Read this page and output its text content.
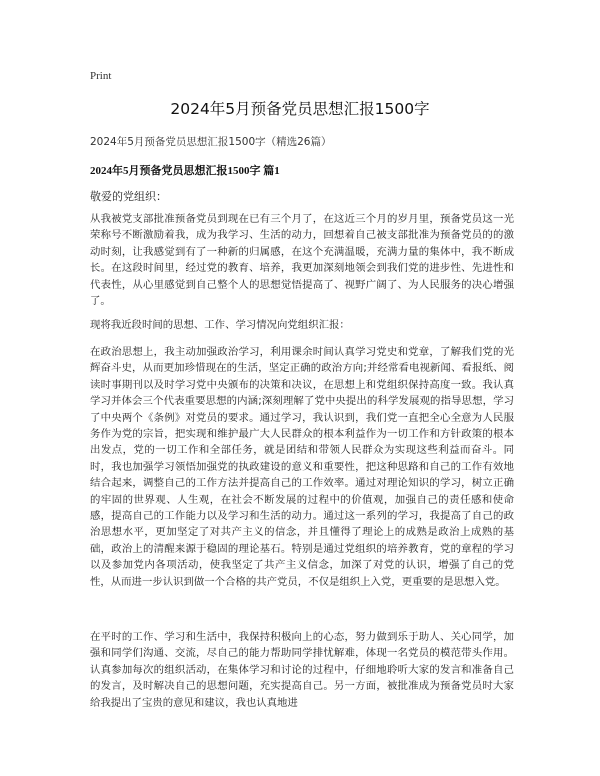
Print
2024年5月预备党员思想汇报1500字
2024年5月预备党员思想汇报1500字（精选26篇）
2024年5月预备党员思想汇报1500字 篇1
敬爱的党组织：

从我被党支部批准预备党员到现在已有三个月了，在这近三个月的岁月里，预备党员这一光荣称号不断激励着我，成为我学习、生活的动力，回想着自己被支部批准为预备党员的的激动时刻，让我感觉到有了一种新的归属感，在这个充满温暖，充满力量的集体中，我不断成长。在这段时间里，经过党的教育、培养，我更加深刻地领会到我们党的进步性、先进性和代表性，从心里感觉到自己整个人的思想觉悟提高了、视野广阔了、为人民服务的决心增强了。

现将我近段时间的思想、工作、学习情况向党组织汇报：

在政治思想上，我主动加强政治学习，利用课余时间认真学习党史和党章，了解我们党的光辉奋斗史，从而更加珍惜现在的生活，坚定正确的政治方向;并经常看电视新闻、看报纸、阅读时事期刊以及时学习党中央颁布的决策和决议，在思想上和党组织保持高度一致。我认真学习并体会三个代表重要思想的内涵;深刻理解了党中央提出的科学发展观的指导思想，学习了中央两个《条例》对党员的要求。通过学习，我认识到，我们党一直把全心全意为人民服务作为党的宗旨，把实现和维护最广大人民群众的根本利益作为一切工作和方针政策的根本出发点，党的一切工作和全部任务，就是团结和带领人民群众为实现这些利益而奋斗。同时，我也加强学习领悟加强党的执政建设的意义和重要性，把这种思路和自己的工作有效地结合起来，调整自己的工作方法并提高自己的工作效率。通过对理论知识的学习，树立正确的牢固的世界观、人生观，在社会不断发展的过程中的价值观，加强自己的责任感和使命感，提高自己的工作能力以及学习和生活的动力。通过这一系列的学习，我提高了自己的政治思想水平，更加坚定了对共产主义的信念，并且懂得了理论上的成熟是政治上成熟的基础，政治上的清醒来源于稳固的理论基石。特别是通过党组织的培养教育，党的章程的学习以及参加党内各项活动，使我坚定了共产主义信念，加深了对党的认识，增强了自己的党性，从而进一步认识到做一个合格的共产党员，不仅是组织上入党，更重要的是思想入党。

在平时的工作、学习和生活中，我保持积极向上的心态，努力做到乐于助人、关心同学，加强和同学们沟通、交流，尽自己的能力帮助同学排忧解难，体现一名党员的模范带头作用。认真参加每次的组织活动，在集体学习和讨论的过程中，仔细地聆听大家的发言和准备自己的发言，及时解决自己的思想问题，充实提高自己。另一方面，被批准成为预备党员时大家给我提出了宝贵的意见和建议，我也认真地进
